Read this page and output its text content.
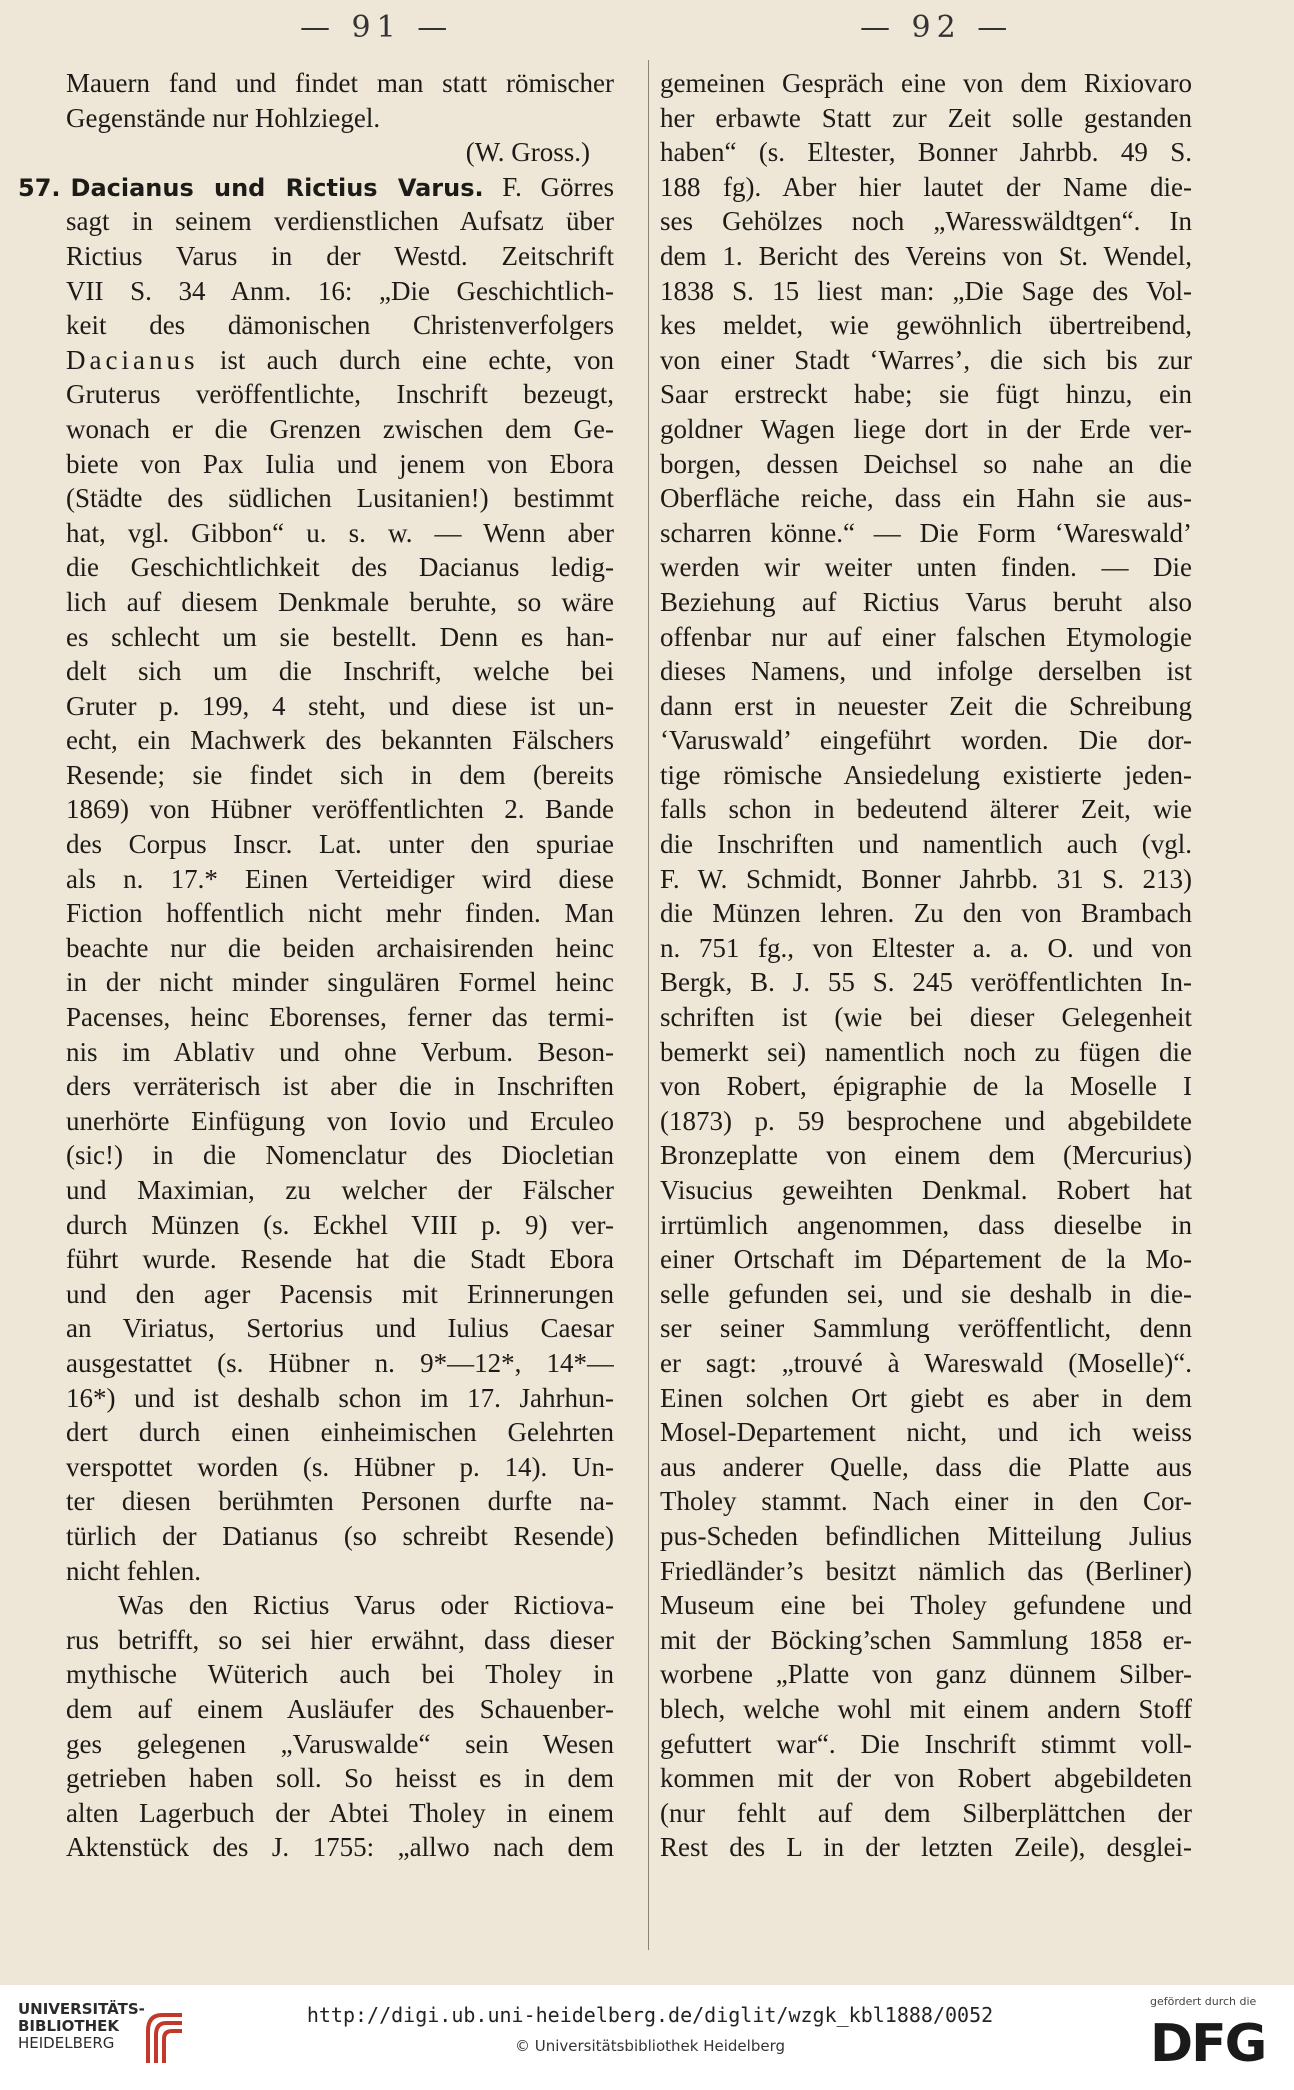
— 91 —	— 92 —
Mauern fand und findet man statt römischer
Gegenstände nur Hohlziegel.
(W. Gross.)
57. Dacianus und Rictius Varus. F. Görres
sagt in seinem verdienstlichen Aufsatz über
Rictius Varus in der Westd. Zeitschrift
VII S. 34 Anm. 16: „Die Geschichtlich-
keit des dämonischen Christenverfolgers
Dacianus ist auch durch eine echte, von
Gruterus veröffentlichte, Inschrift bezeugt,
wonach er die Grenzen zwischen dem Ge-
biete von Pax Iulia und jenem von Ebora
(Städte des südlichen Lusitanien!) bestimmt
hat, vgl. Gibbon“ u. s. w. — Wenn aber
die Geschichtlichkeit des Dacianus ledig-
lich auf diesem Denkmale beruhte, so wäre
es schlecht um sie bestellt. Denn es han-
delt sich um die Inschrift, welche bei
Gruter p. 199, 4 steht, und diese ist un-
echt, ein Machwerk des bekannten Fälschers
Resende; sie findet sich in dem (bereits
1869) von Hübner veröffentlichten 2. Bande
des Corpus Inscr. Lat. unter den spuriae
als n. 17.* Einen Verteidiger wird diese
Fiction hoffentlich nicht mehr finden. Man
beachte nur die beiden archaisirenden heinc
in der nicht minder singulären Formel heinc
Pacenses, heinc Eborenses, ferner das termi-
nis im Ablativ und ohne Verbum. Beson-
ders verräterisch ist aber die in Inschriften
unerhörte Einfügung von Iovio und Erculeo
(sic!) in die Nomenclatur des Diocletian
und Maximian, zu welcher der Fälscher
durch Münzen (s. Eckhel VIII p. 9) ver-
führt wurde. Resende hat die Stadt Ebora
und den ager Pacensis mit Erinnerungen
an Viriatus, Sertorius und Iulius Caesar
ausgestattet (s. Hübner n. 9*—12*, 14*—
16*) und ist deshalb schon im 17. Jahrhun-
dert durch einen einheimischen Gelehrten
verspottet worden (s. Hübner p. 14). Un-
ter diesen berühmten Personen durfte na-
türlich der Datianus (so schreibt Resende)
nicht fehlen.
Was den Rictius Varus oder Rictiova-
rus betrifft, so sei hier erwähnt, dass dieser
mythische Wüterich auch bei Tholey in
dem auf einem Ausläufer des Schauenber-
ges gelegenen „Varuswalde“ sein Wesen
getrieben haben soll. So heisst es in dem
alten Lagerbuch der Abtei Tholey in einem
Aktenstück des J. 1755: „allwo nach dem
gemeinen Gespräch eine von dem Rixiovaro
her erbawte Statt zur Zeit solle gestanden
haben“ (s. Eltester, Bonner Jahrbb. 49 S.
188 fg). Aber hier lautet der Name die-
ses Gehölzes noch „Waresswäldtgen“. In
dem 1. Bericht des Vereins von St. Wendel,
1838 S. 15 liest man: „Die Sage des Vol-
kes meldet, wie gewöhnlich übertreibend,
von einer Stadt ‘Warres’, die sich bis zur
Saar erstreckt habe; sie fügt hinzu, ein
goldner Wagen liege dort in der Erde ver-
borgen, dessen Deichsel so nahe an die
Oberfläche reiche, dass ein Hahn sie aus-
scharren könne.“ — Die Form ‘Wareswald’
werden wir weiter unten finden. — Die
Beziehung auf Rictius Varus beruht also
offenbar nur auf einer falschen Etymologie
dieses Namens, und infolge derselben ist
dann erst in neuester Zeit die Schreibung
‘Varuswald’ eingeführt worden. Die dor-
tige römische Ansiedelung existierte jeden-
falls schon in bedeutend älterer Zeit, wie
die Inschriften und namentlich auch (vgl.
F. W. Schmidt, Bonner Jahrbb. 31 S. 213)
die Münzen lehren. Zu den von Brambach
n. 751 fg., von Eltester a. a. O. und von
Bergk, B. J. 55 S. 245 veröffentlichten In-
schriften ist (wie bei dieser Gelegenheit
bemerkt sei) namentlich noch zu fügen die
von Robert, épigraphie de la Moselle I
(1873) p. 59 besprochene und abgebildete
Bronzeplatte von einem dem (Mercurius)
Visucius geweihten Denkmal. Robert hat
irrtümlich angenommen, dass dieselbe in
einer Ortschaft im Département de la Mo-
selle gefunden sei, und sie deshalb in die-
ser seiner Sammlung veröffentlicht, denn
er sagt: „trouvé à Wareswald (Moselle)“.
Einen solchen Ort giebt es aber in dem
Mosel-Departement nicht, und ich weiss
aus anderer Quelle, dass die Platte aus
Tholey stammt. Nach einer in den Cor-
pus-Scheden befindlichen Mitteilung Julius
Friedländer’s besitzt nämlich das (Berliner)
Museum eine bei Tholey gefundene und
mit der Böcking’schen Sammlung 1858 er-
worbene „Platte von ganz dünnem Silber-
blech, welche wohl mit einem andern Stoff
gefuttert war“. Die Inschrift stimmt voll-
kommen mit der von Robert abgebildeten
(nur fehlt auf dem Silberplättchen der
Rest des L in der letzten Zeile), desglei-
UNIVERSITÄTS-
BIBLIOTHEK
HEIDELBERG
http://digi.ub.uni-heidelberg.de/diglit/wzgk_kbl1888/0052
© Universitätsbibliothek Heidelberg
gefördert durch die
DFG
